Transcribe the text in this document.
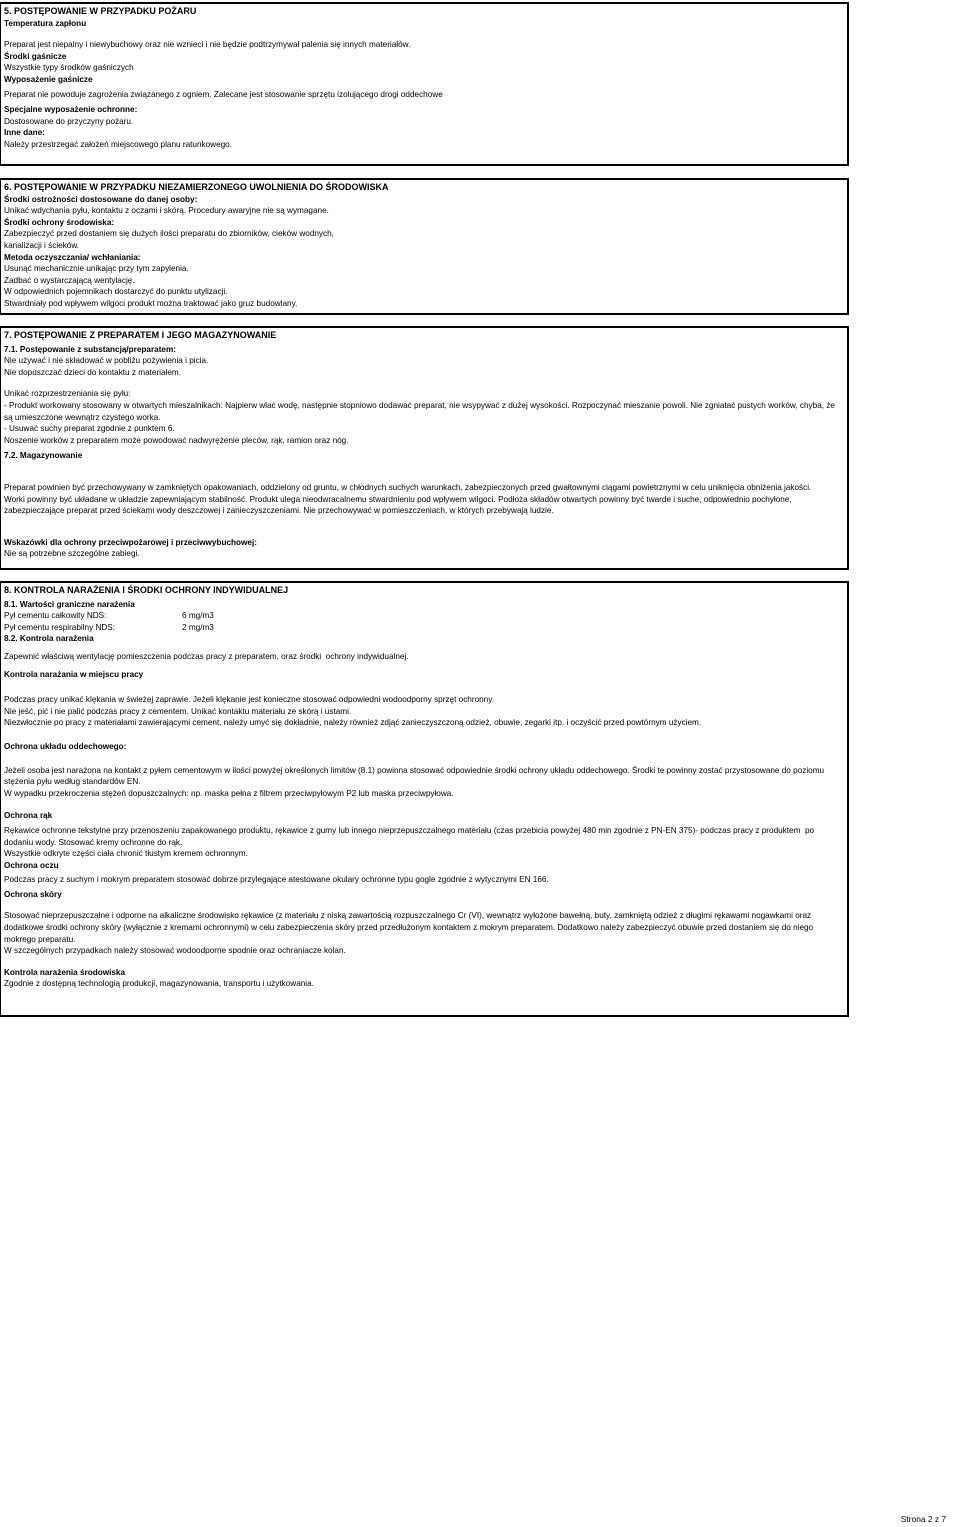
5. POSTĘPOWANIE W PRZYPADKU POŻARU
Temperatura zapłonu
Preparat jest niepalny i niewybuchowy oraz nie wznieci i nie będzie podtrzymywał palenia się innych materiałów.
Środki gaśnicze
Wszystkie typy środków gaśniczych
Wyposażenie gaśnicze
Preparat nie powoduje zagrożenia związanego z ogniem. Zalecane jest stosowanie sprzętu izolującego drogi oddechowe
Specjalne wyposażenie ochronne:
Dostosowane do przyczyny pożaru.
Inne dane:
Należy przestrzegać założeń miejscowego planu ratunkowego.
6. POSTĘPOWANIE W PRZYPADKU NIEZAMIERZONEGO UWOLNIENIA DO ŚRODOWISKA
Środki ostrożności dostosowane do danej osoby:
Unikać wdychania pyłu, kontaktu z oczami i skórą. Procedury awaryjne nie są wymagane.
Środki ochrony środowiska:
Zabezpieczyć przed dostaniem się dużych ilości preparatu do zbiorników, cieków wodnych,
kanalizacji i ścieków.
Metoda oczyszczania/ wchłaniania:
Usunąć mechanicznie unikając przy tym zapylenia.
Zadbać o wystarczającą wentylację.
W odpowiednich pojemnikach dostarczyć do punktu utylizacji.
Stwardniały pod wpływem wilgoci produkt można traktować jako gruz budowlany.
7. POSTĘPOWANIE Z PREPARATEM I JEGO MAGAZYNOWANIE
7.1. Postępowanie z substancją/preparatem:
Nie używać i nie składować w pobliżu pożywienia i picia.
Nie dopuszczać dzieci do kontaktu z materiałem.
Unikać rozprzestrzeniania się pyłu:
- Produkt workowany stosowany w otwartych mieszalnikach: Najpierw wlać wodę, następnie stopniowo dodawać preparat, nie wsypywać z dużej wysokości. Rozpoczynać mieszanie powoli. Nie zgniatać pustych worków, chyba, że są umieszczone wewnątrz czystego worka.
- Usuwać suchy preparat zgodnie z punktem 6.
Noszenie worków z preparatem może powodować nadwyrężenie pleców, rąk, ramion oraz nóg.
7.2. Magazynowanie
Preparat powinien być przechowywany w zamkniętych opakowaniach, oddzielony od gruntu, w chłodnych suchych warunkach, zabezpieczonych przed gwałtownymi ciągami powietrznymi w celu uniknięcia obniżenia jakości.
Worki powinny być układane w układzie zapewniającym stabilność. Produkt ulega nieodwracalnemu stwardnieniu pod wpływem wilgoci. Podłoża składów otwartych powinny być twarde i suche, odpowiednio pochyłone, zabezpieczające preparat przed ściekami wody deszczowej i zanieczyszczeniami. Nie przechowywać w pomieszczeniach, w których przebywają ludzie.
Wskazówki dla ochrony przeciwpożarowej i przeciwwybuchowej:
Nie są potrzebne szczególne zabiegi.
8. KONTROLA NARAŻENIA I ŚRODKI OCHRONY INDYWIDUALNEJ
8.1. Wartości graniczne narażenia
Pył cementu całkowity NDS:	6 mg/m3
Pył cementu respirabilny NDS:	2 mg/m3
8.2. Kontrola narażenia
Zapewnić właściwą wentylację pomieszczenia podczas pracy z preparatem, oraz środki  ochrony indywidualnej.
Kontrola narażania w miejscu pracy
Podczas pracy unikać klękania w świeżej zaprawie. Jeżeli klękanie jest konieczne stosować odpowiedni wodoodporny sprzęt ochronny.
Nie jeść, pić i nie palić podczas pracy z cementem. Unikać kontaktu materiału ze skórą i ustami.
Niezwłocznie po pracy z materiałami zawierającymi cement, należy umyć się dokładnie, należy również zdjąć zanieczyszczoną odzież, obuwie, zegarki itp. i oczyścić przed powtórnym użyciem.
Ochrona układu oddechowego:
Jeżeli osoba jest narażona na kontakt z pyłem cementowym w ilości powyżej określonych limitów (8.1) powinna stosować odpowiednie środki ochrony układu oddechowego. Środki te powinny zostać przystosowane do poziomu stężenia pyłu według standardów EN.
W wypadku przekroczenia stężeń dopuszczalnych: np. maska pełna z filtrem przeciwpyłowym P2 lub maska przeciwpyłowa.
Ochrona rąk
Rękawice ochronne tekstylne przy przenoszeniu zapakowanego produktu, rękawice z gumy lub innego nieprzepuszczalnego materiału (czas przebicia powyżej 480 min zgodnie z PN-EN 375)- podczas pracy z produktem  po dodaniu wody. Stosować kremy ochronne do rąk.
Wszystkie odkryte części ciała chronić tłustym kremem ochronnym.
Ochrona oczu
Podczas pracy z suchym i mokrym preparatem stosować dobrze przylegające atestowane okulary ochronne typu gogle zgodnie z wytycznymi EN 166.
Ochrona skóry
Stosować nieprzepuszczalne i odporne na alkaliczne środowisko rękawice (z materiału z niską zawartością rozpuszczalnego Cr (VI), wewnątrz wyłożone bawełną, buty, zamkniętą odzież z długimi rękawami nogawkami oraz dodatkowe środki ochrony skóry (wyłącznie z kremami ochronnymi) w celu zabezpieczenia skóry przed przedłużonym kontaktem z mokrym preparatem. Dodatkowo należy zabezpieczyć obuwie przed dostaniem się do niego mokrego preparatu.
W szczególnych przypadkach należy stosować wodoodporne spodnie oraz ochraniacze kolan.
Kontrola narażenia środowiska
Zgodnie z dostępną technologią produkcji, magazynowania, transportu i użytkowania.
Strona 2 z 7
